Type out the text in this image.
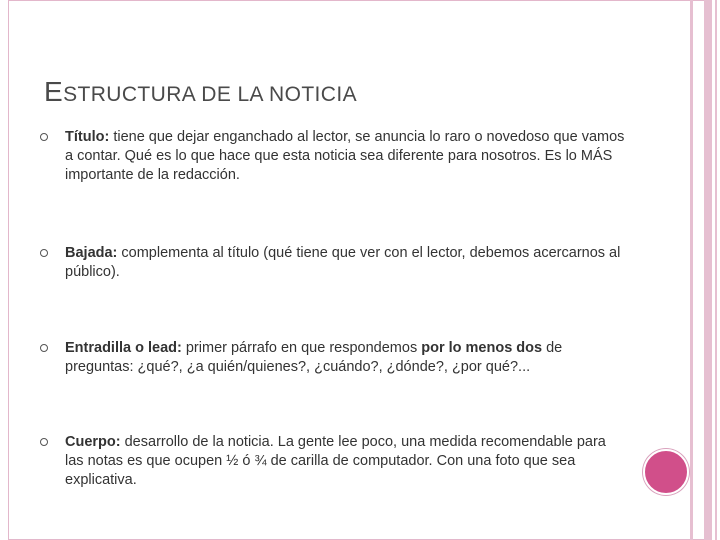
ESTRUCTURA DE LA NOTICIA
Título: tiene que dejar enganchado al lector, se anuncia lo raro o novedoso que vamos a contar. Qué es lo que hace que esta noticia sea diferente para nosotros. Es lo MÁS importante de la redacción.
Bajada: complementa al título (qué tiene que ver con el lector, debemos acercarnos al público).
Entradilla o lead: primer párrafo en que respondemos por lo menos dos de preguntas: ¿qué?, ¿a quién/quienes?, ¿cuándo?, ¿dónde?, ¿por qué?...
Cuerpo: desarrollo de la noticia. La gente lee poco, una medida recomendable para las notas es que ocupen ½ ó ¾ de carilla de computador. Con una foto que sea explicativa.
